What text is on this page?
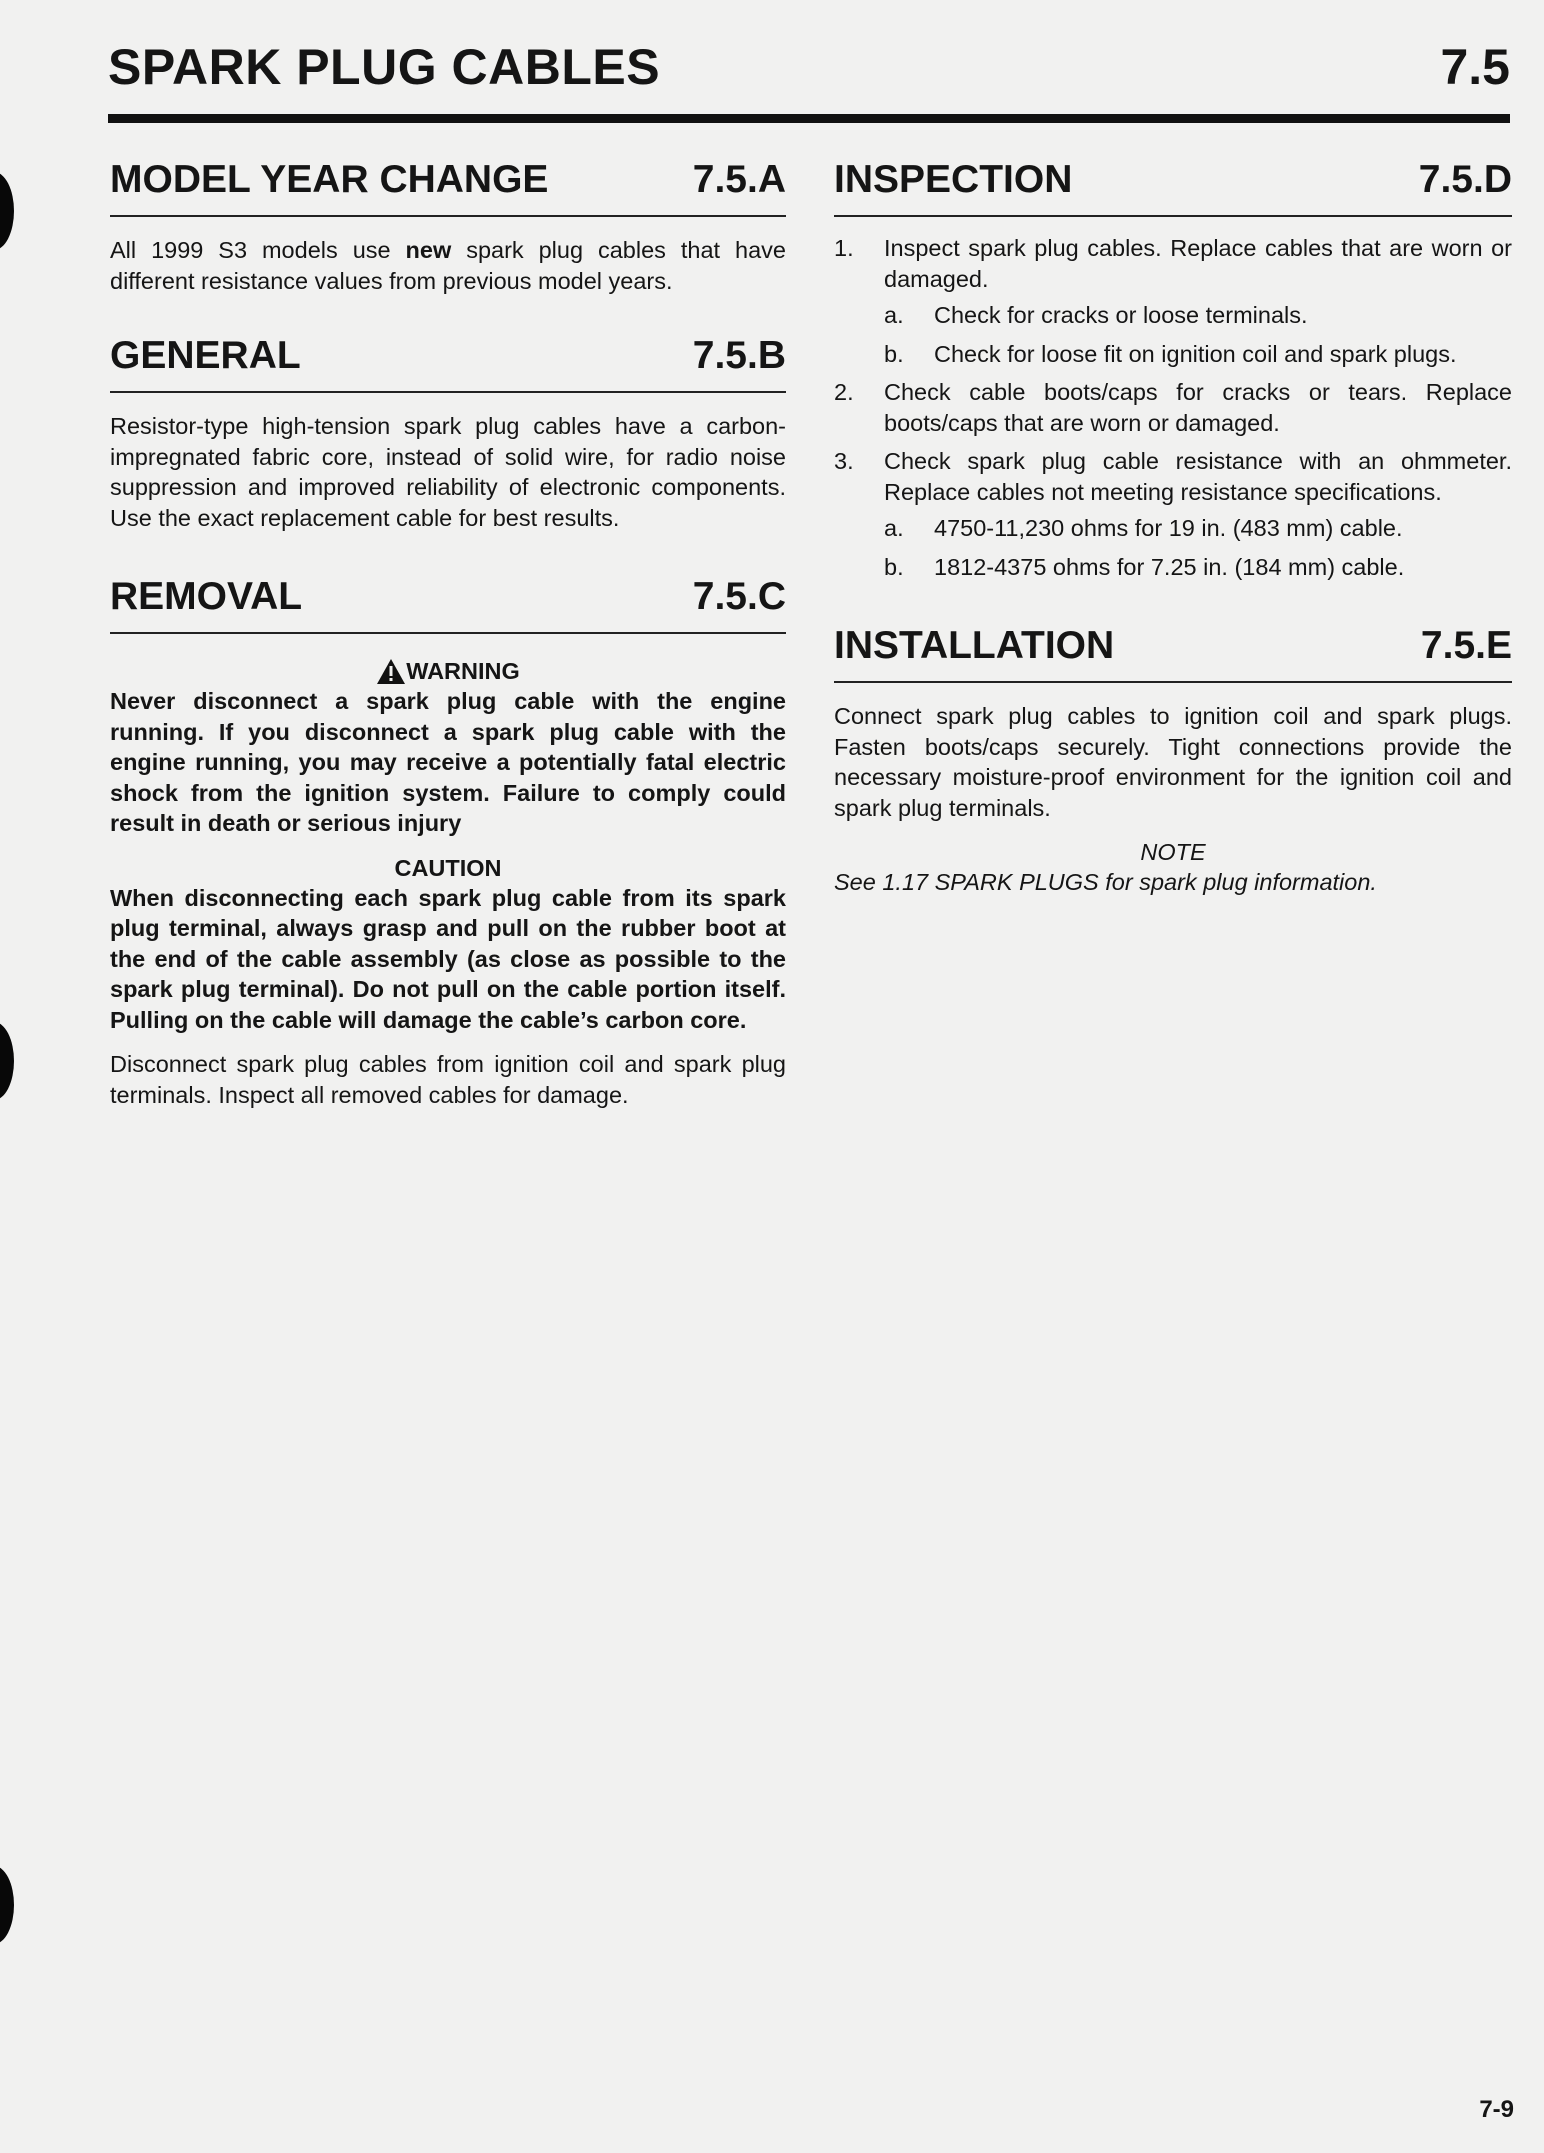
SPARK PLUG CABLES	7.5
MODEL YEAR CHANGE	7.5.A

All 1999 S3 models use new spark plug cables that have different resistance values from previous model years.

GENERAL	7.5.B

Resistor-type high-tension spark plug cables have a carbon-impregnated fabric core, instead of solid wire, for radio noise suppression and improved reliability of electronic components. Use the exact replacement cable for best results.

REMOVAL	7.5.C
WARNING

Never disconnect a spark plug cable with the engine running. If you disconnect a spark plug cable with the engine running, you may receive a potentially fatal electric shock from the ignition system. Failure to comply could result in death or serious injury

CAUTION

When disconnecting each spark plug cable from its spark plug terminal, always grasp and pull on the rubber boot at the end of the cable assembly (as close as possible to the spark plug terminal). Do not pull on the cable portion itself. Pulling on the cable will damage the cable’s carbon core.

Disconnect spark plug cables from ignition coil and spark plug terminals. Inspect all removed cables for damage.

INSPECTION	7.5.D
1.	Inspect spark plug cables. Replace cables that are worn or damaged.
a.	Check for cracks or loose terminals.
b.	Check for loose fit on ignition coil and spark plugs.
2.	Check cable boots/caps for cracks or tears. Replace boots/caps that are worn or damaged.
3.	Check spark plug cable resistance with an ohmmeter. Replace cables not meeting resistance specifications.
a.	4750-11,230 ohms for 19 in. (483 mm) cable.
b.	1812-4375 ohms for 7.25 in. (184 mm) cable.
INSTALLATION	7.5.E

Connect spark plug cables to ignition coil and spark plugs. Fasten boots/caps securely. Tight connections provide the necessary moisture-proof environment for the ignition coil and spark plug terminals.

NOTE
See 1.17 SPARK PLUGS for spark plug information.
7-9
